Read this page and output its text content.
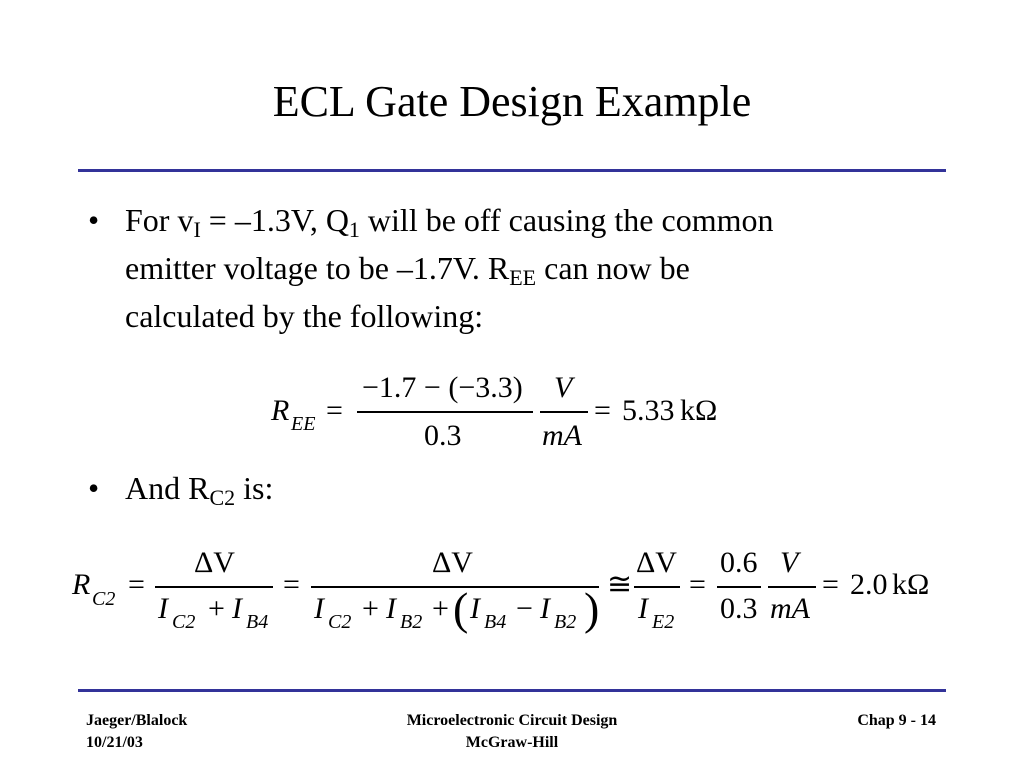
ECL Gate Design Example
• For $v_I = -1.3V$, $Q_1$ will be off causing the common
emitter voltage to be –1.7V. $R_{EE}$ can now be
calculated by the following:
R EE =
−1.7 − (−3.3)
0.3
V
mA
= 5.33 kΩ
• And $R_{C2}$ is:
R C2 =
ΔV
I C2 + I B4
=
ΔV
I C2 + I B2 + ( I B4 − I B2 ) ≅
ΔV
I E2
=
0.6
0.3
V
mA
= 2.0 kΩ
Jaeger/Blalock
10/21/03
Microelectronic Circuit Design
McGraw-Hill
Chap 9 - 14
